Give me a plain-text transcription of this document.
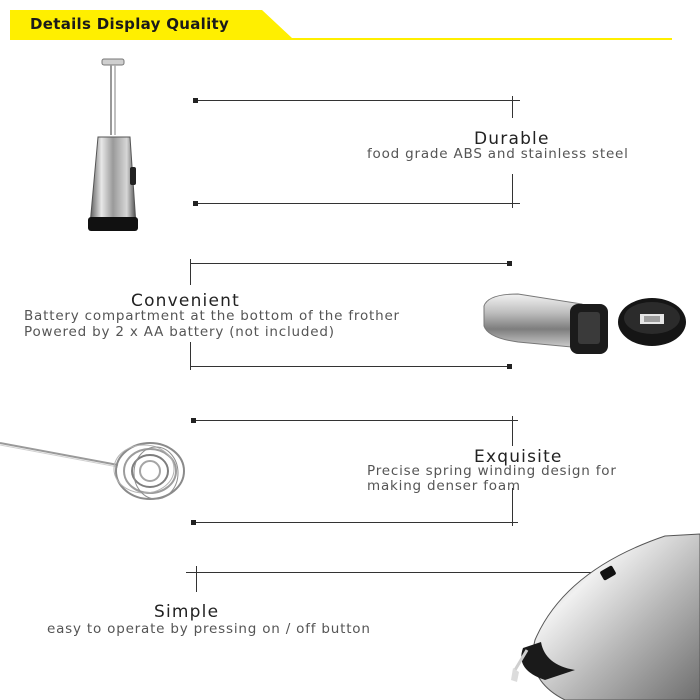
Details Display Quality
Durable

food grade ABS and stainless steel

Convenient

Battery compartment at the bottom of the frother

Powered by 2 x AA battery (not included)

Exquisite

Precise spring winding design for

making denser foam

Simple

easy to operate by pressing on / off button
